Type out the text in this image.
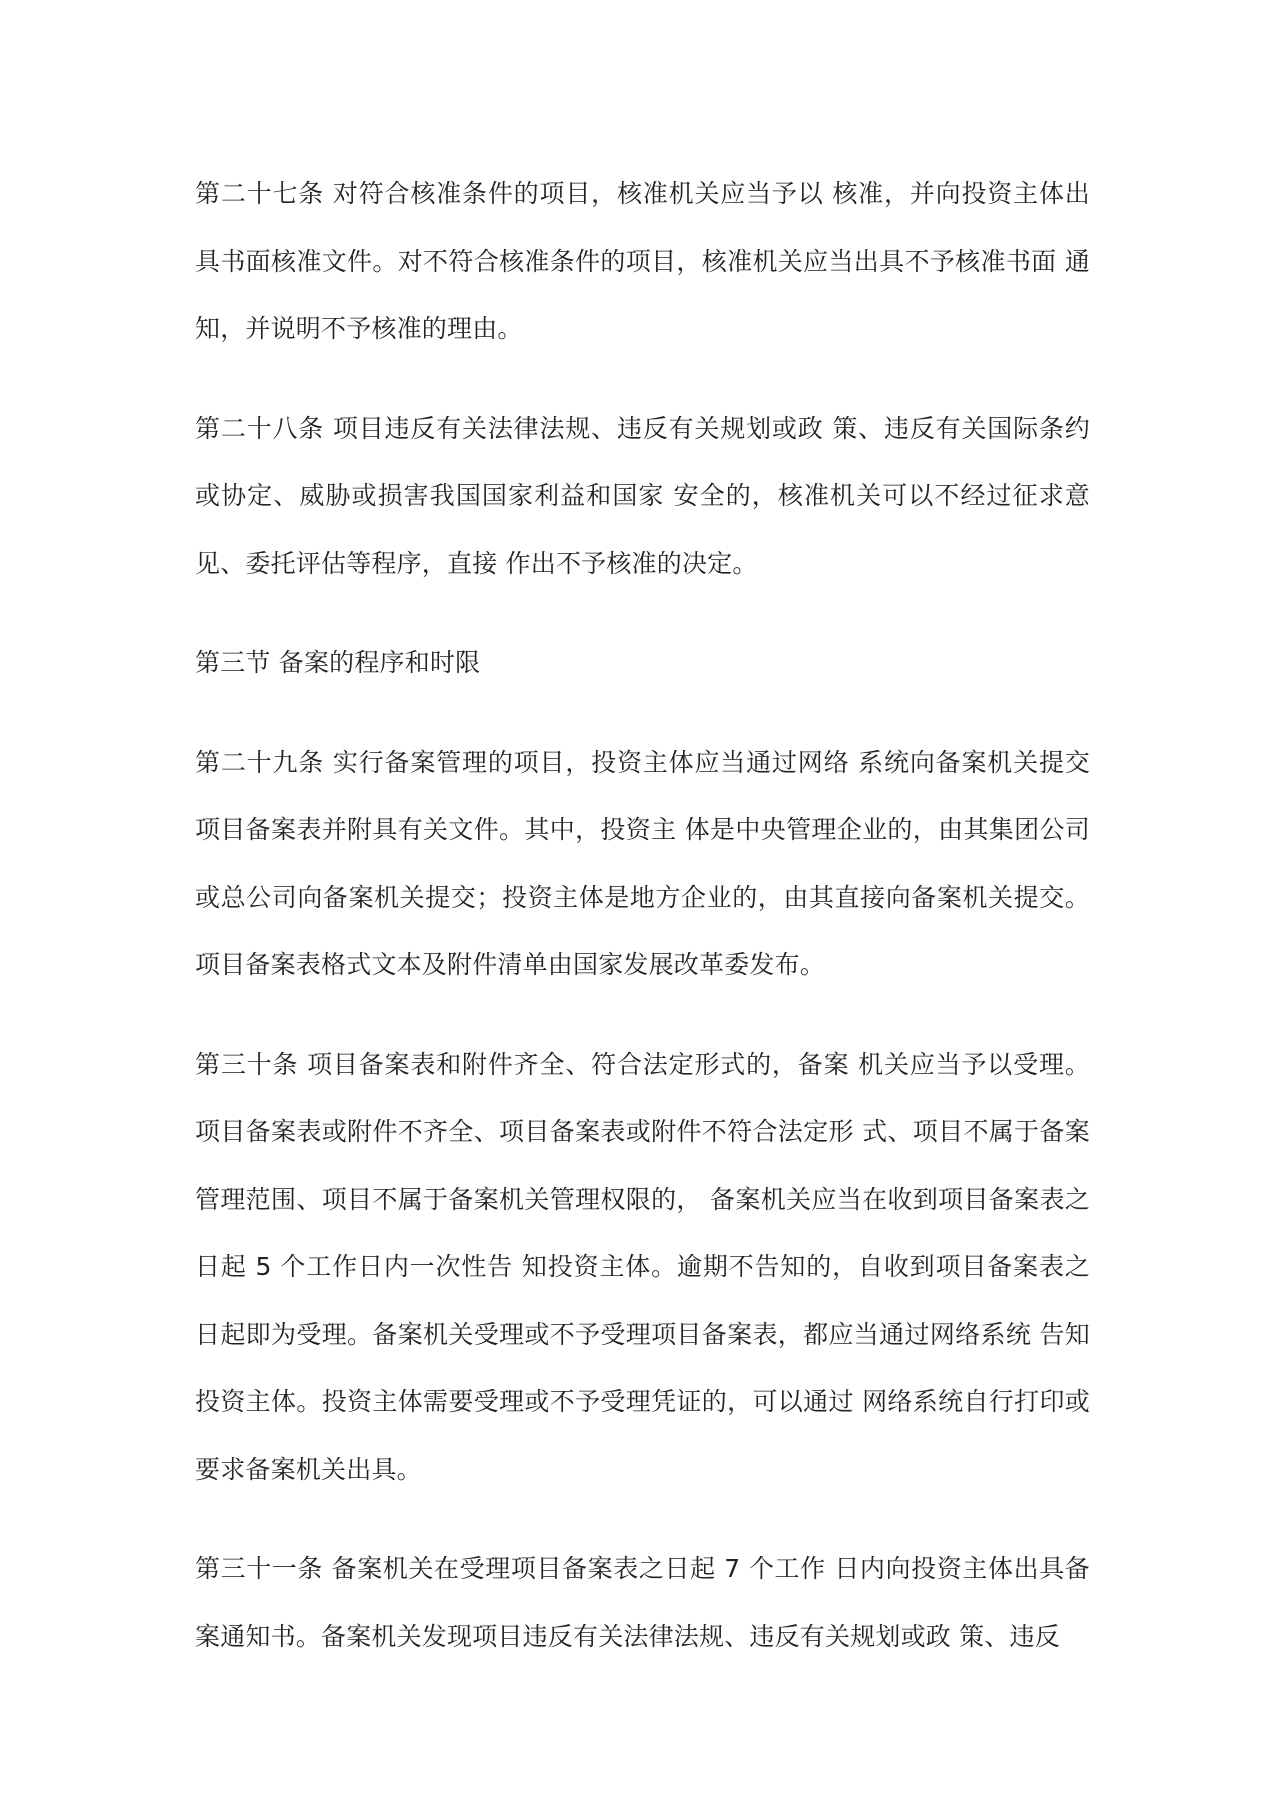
第二十七条 对符合核准条件的项目，核准机关应当予以 核准，并向投资主体出具书面核准文件。对不符合核准条件的项目，核准机关应当出具不予核准书面 通知，并说明不予核准的理由。

第二十八条 项目违反有关法律法规、违反有关规划或政 策、违反有关国际条约或协定、威胁或损害我国国家利益和国家 安全的，核准机关可以不经过征求意见、委托评估等程序，直接 作出不予核准的决定。

第三节 备案的程序和时限

第二十九条 实行备案管理的项目，投资主体应当通过网络 系统向备案机关提交项目备案表并附具有关文件。其中，投资主 体是中央管理企业的，由其集团公司或总公司向备案机关提交；投资主体是地方企业的，由其直接向备案机关提交。 项目备案表格式文本及附件清单由国家发展改革委发布。

第三十条 项目备案表和附件齐全、符合法定形式的，备案 机关应当予以受理。项目备案表或附件不齐全、项目备案表或附件不符合法定形 式、项目不属于备案管理范围、项目不属于备案机关管理权限的， 备案机关应当在收到项目备案表之日起 5 个工作日内一次性告 知投资主体。逾期不告知的，自收到项目备案表之日起即为受理。备案机关受理或不予受理项目备案表，都应当通过网络系统 告知投资主体。投资主体需要受理或不予受理凭证的，可以通过 网络系统自行打印或要求备案机关出具。

第三十一条 备案机关在受理项目备案表之日起 7 个工作 日内向投资主体出具备案通知书。备案机关发现项目违反有关法律法规、违反有关规划或政 策、违反
